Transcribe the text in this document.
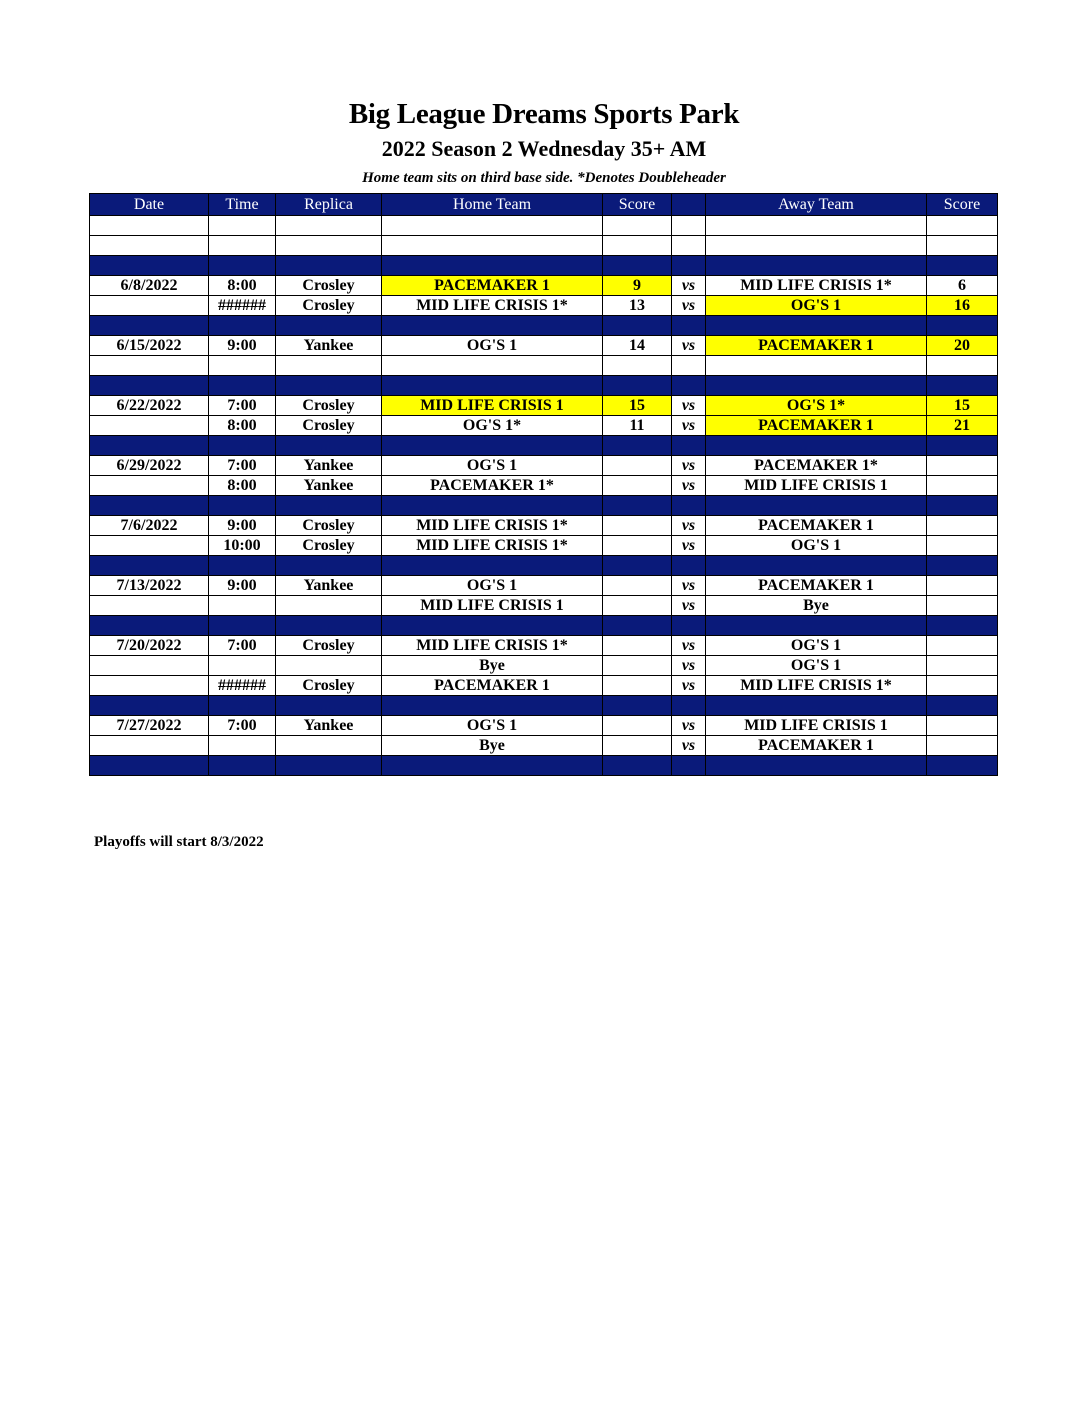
Big League Dreams Sports Park
2022 Season 2 Wednesday 35+ AM
Home team sits on third base side. *Denotes Doubleheader
Date	Time	Replica	Home Team	Score		Away Team	Score

6/8/2022	8:00	Crosley	PACEMAKER 1	9	vs	MID LIFE CRISIS 1*	6
	######	Crosley	MID LIFE CRISIS 1*	13	vs	OG'S 1	16

6/15/2022	9:00	Yankee	OG'S 1	14	vs	PACEMAKER 1	20

6/22/2022	7:00	Crosley	MID LIFE CRISIS 1	15	vs	OG'S 1*	15
	8:00	Crosley	OG'S 1*	11	vs	PACEMAKER 1	21

6/29/2022	7:00	Yankee	OG'S 1		vs	PACEMAKER 1*	
	8:00	Yankee	PACEMAKER 1*		vs	MID LIFE CRISIS 1	

7/6/2022	9:00	Crosley	MID LIFE CRISIS 1*		vs	PACEMAKER 1	
	10:00	Crosley	MID LIFE CRISIS 1*		vs	OG'S 1	

7/13/2022	9:00	Yankee	OG'S 1		vs	PACEMAKER 1	
			MID LIFE CRISIS 1		vs	Bye	

7/20/2022	7:00	Crosley	MID LIFE CRISIS 1*		vs	OG'S 1	
			Bye		vs	OG'S 1	
	######	Crosley	PACEMAKER 1		vs	MID LIFE CRISIS 1*	

7/27/2022	7:00	Yankee	OG'S 1		vs	MID LIFE CRISIS 1	
			Bye		vs	PACEMAKER 1	

Playoffs will start 8/3/2022
